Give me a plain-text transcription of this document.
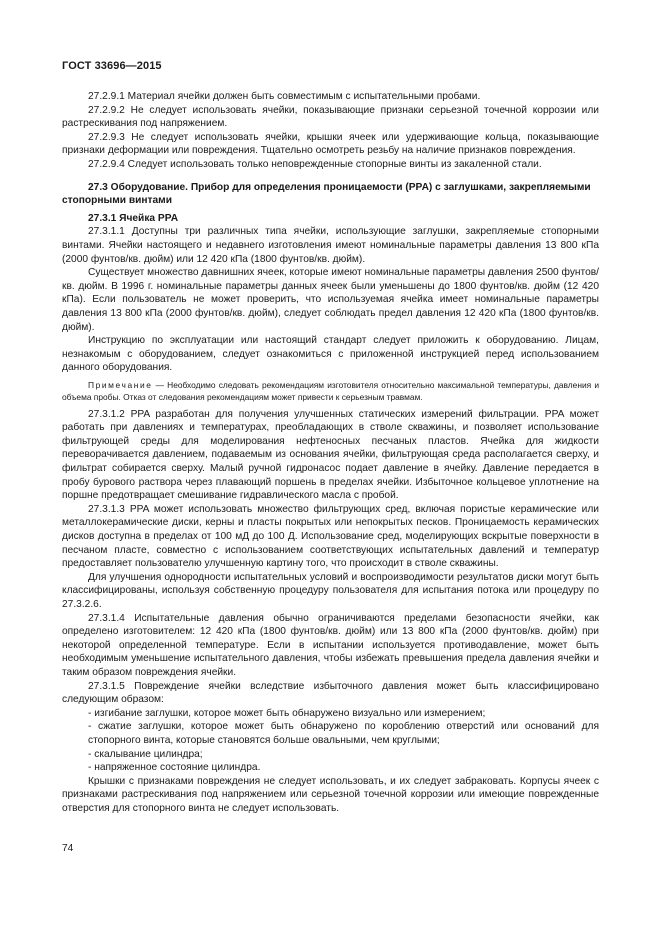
ГОСТ 33696—2015

27.2.9.1 Материал ячейки должен быть совместимым с испытательными пробами.

27.2.9.2 Не следует использовать ячейки, показывающие признаки серьезной точечной коррозии или растрескивания под напряжением.

27.2.9.3 Не следует использовать ячейки, крышки ячеек или удерживающие кольца, показывающие признаки деформации или повреждения. Тщательно осмотреть резьбу на наличие признаков повреждения.

27.2.9.4 Следует использовать только неповрежденные стопорные винты из закаленной стали.

27.3 Оборудование. Прибор для определения проницаемости (PPA) с заглушками, закрепляемыми стопорными винтами

27.3.1 Ячейка PPA

27.3.1.1 Доступны три различных типа ячейки, использующие заглушки, закрепляемые стопорными винтами. Ячейки настоящего и недавнего изготовления имеют номинальные параметры давления 13 800 кПа (2000 фунтов/кв. дюйм) или 12 420 кПа (1800 фунтов/кв. дюйм).

Существует множество давнишних ячеек, которые имеют номинальные параметры давления 2500 фунтов/кв. дюйм. В 1996 г. номинальные параметры данных ячеек были уменьшены до 1800 фунтов/кв. дюйм (12 420 кПа). Если пользователь не может проверить, что используемая ячейка имеет номинальные параметры давления 13 800 кПа (2000 фунтов/кв. дюйм), следует соблюдать предел давления 12 420 кПа (1800 фунтов/кв. дюйм).

Инструкцию по эксплуатации или настоящий стандарт следует приложить к оборудованию. Лицам, незнакомым с оборудованием, следует ознакомиться с приложенной инструкцией перед использованием данного оборудования.

Примечание — Необходимо следовать рекомендациям изготовителя относительно максимальной температуры, давления и объема пробы. Отказ от следования рекомендациям может привести к серьезным травмам.

27.3.1.2 PPA разработан для получения улучшенных статических измерений фильтрации. PPA может работать при давлениях и температурах, преобладающих в стволе скважины, и позволяет использование фильтрующей среды для моделирования нефтеносных песчаных пластов. Ячейка для жидкости переворачивается давлением, подаваемым из основания ячейки, фильтрующая среда располагается сверху, и фильтрат собирается сверху. Малый ручной гидронасос подает давление в ячейку. Давление передается в пробу бурового раствора через плавающий поршень в пределах ячейки. Избыточное кольцевое уплотнение на поршне предотвращает смешивание гидравлического масла с пробой.

27.3.1.3 PPA может использовать множество фильтрующих сред, включая пористые керамические или металлокерамические диски, керны и пласты покрытых или непокрытых песков. Проницаемость керамических дисков доступна в пределах от 100 мД до 100 Д. Использование сред, моделирующих вскрытые поверхности в песчаном пласте, совместно с использованием соответствующих испытательных давлений и температур предоставляет пользователю улучшенную картину того, что происходит в стволе скважины.

Для улучшения однородности испытательных условий и воспроизводимости результатов диски могут быть классифицированы, используя собственную процедуру пользователя для испытания потока или процедуру по 27.3.2.6.

27.3.1.4 Испытательные давления обычно ограничиваются пределами безопасности ячейки, как определено изготовителем: 12 420 кПа (1800 фунтов/кв. дюйм) или 13 800 кПа (2000 фунтов/кв. дюйм) при некоторой определенной температуре. Если в испытании используется противодавление, может быть необходимым уменьшение испытательного давления, чтобы избежать превышения предела давления ячейки и таким образом повреждения ячейки.

27.3.1.5 Повреждение ячейки вследствие избыточного давления может быть классифицировано следующим образом:

- изгибание заглушки, которое может быть обнаружено визуально или измерением;

- сжатие заглушки, которое может быть обнаружено по короблению отверстий или оснований для стопорного винта, которые становятся больше овальными, чем круглыми;

- скалывание цилиндра;

- напряженное состояние цилиндра.

Крышки с признаками повреждения не следует использовать, и их следует забраковать. Корпусы ячеек с признаками растрескивания под напряжением или серьезной точечной коррозии или имеющие поврежденные отверстия для стопорного винта не следует использовать.

74
